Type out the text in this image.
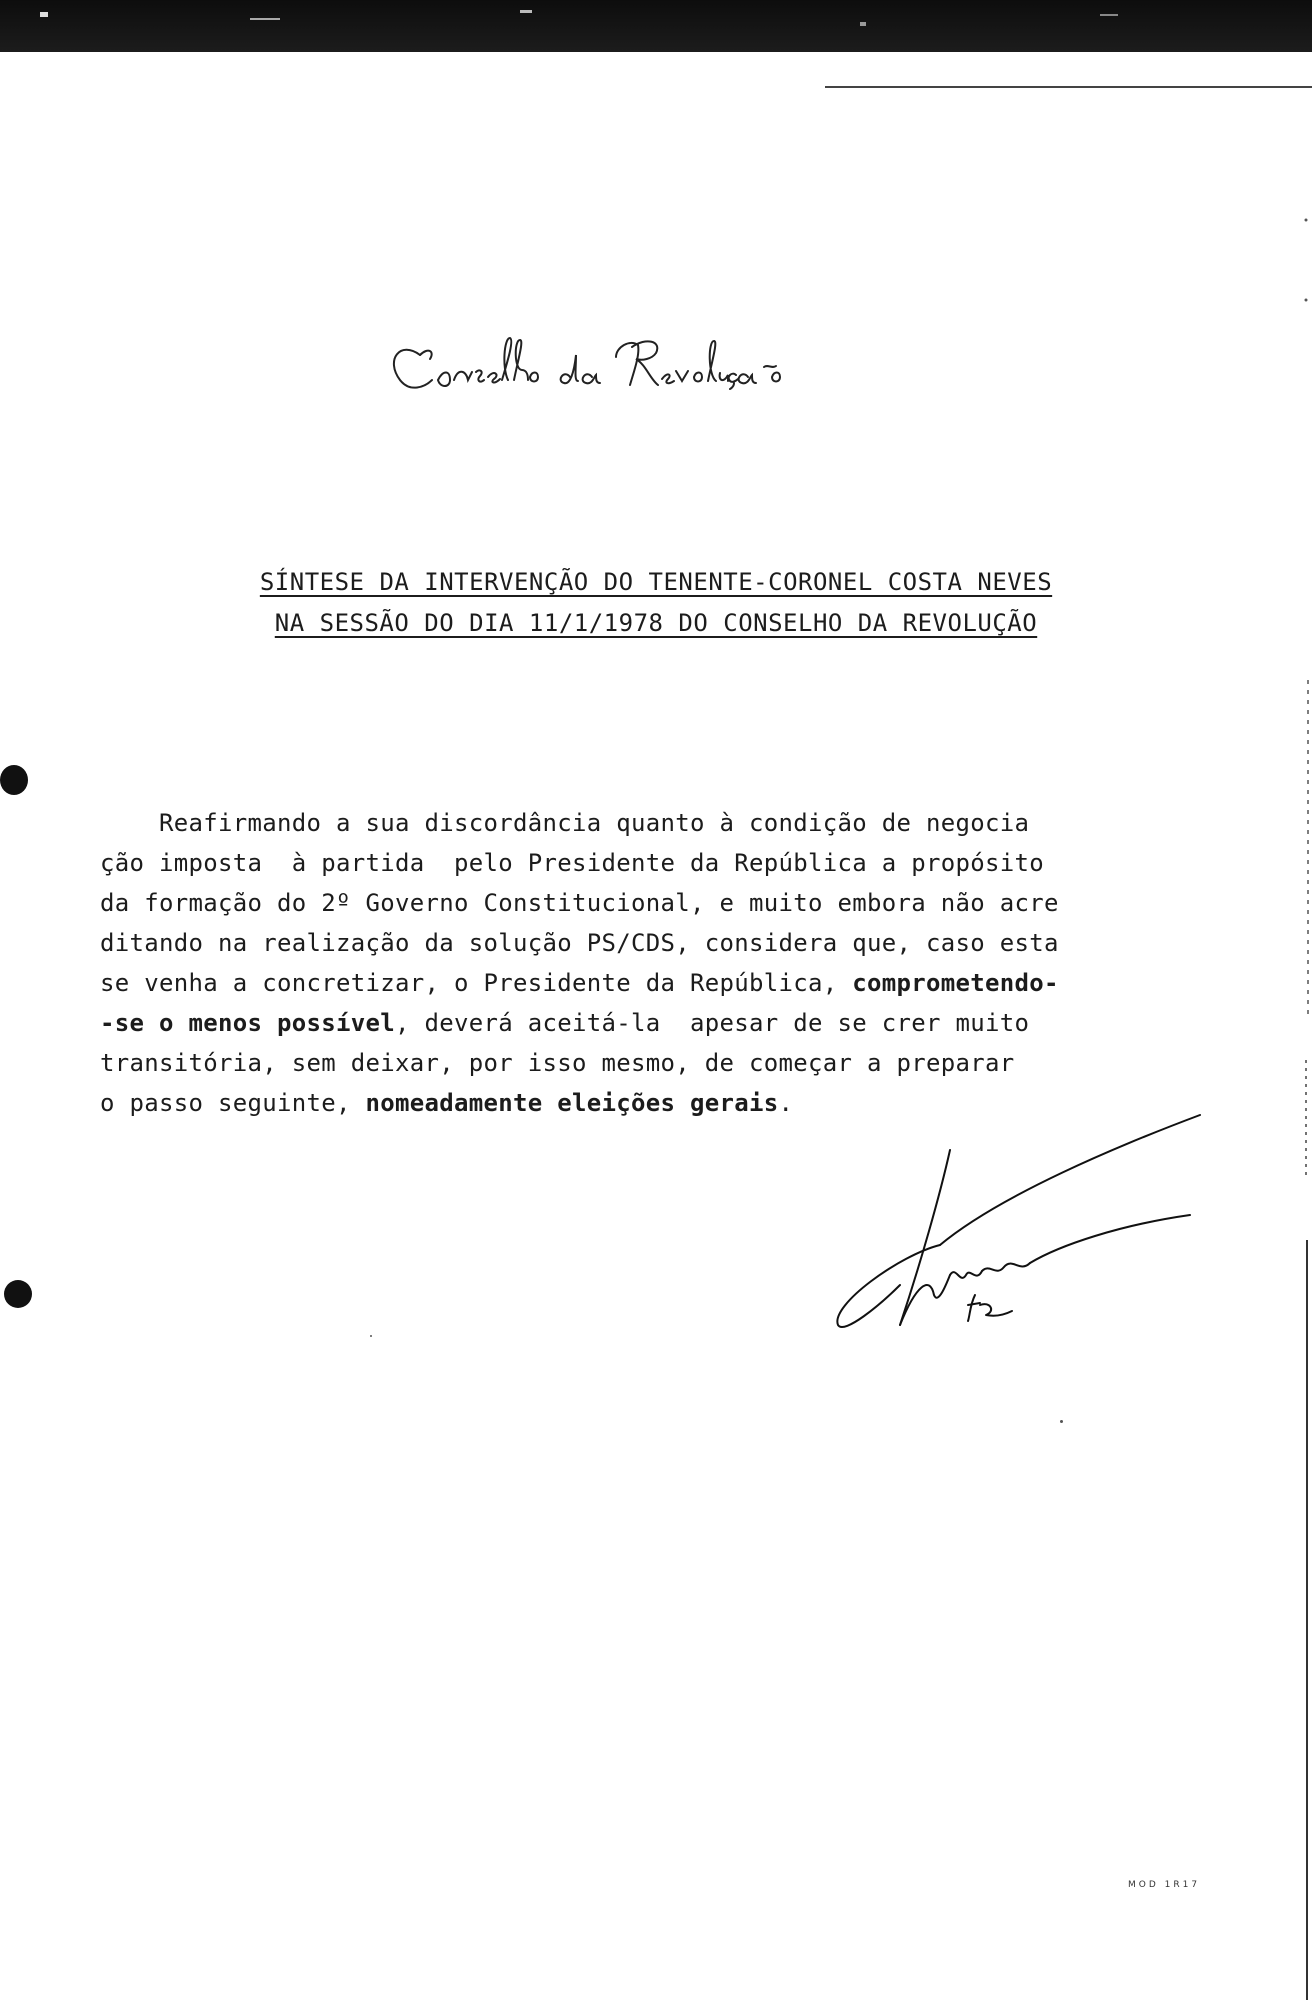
SÍNTESE DA INTERVENÇÃO DO TENENTE-CORONEL COSTA NEVES
NA SESSÃO DO DIA 11/1/1978 DO CONSELHO DA REVOLUÇÃO
Reafirmando a sua discordância quanto à condição de negocia
ção imposta  à partida  pelo Presidente da República a propósito
da formação do 2º Governo Constitucional, e muito embora não acre
ditando na realização da solução PS/CDS, considera que, caso esta
se venha a concretizar, o Presidente da República, comprometendo-
-se o menos possível, deverá aceitá-la  apesar de se crer muito
transitória, sem deixar, por isso mesmo, de começar a preparar
o passo seguinte, nomeadamente eleições gerais.
MOD 1R17
